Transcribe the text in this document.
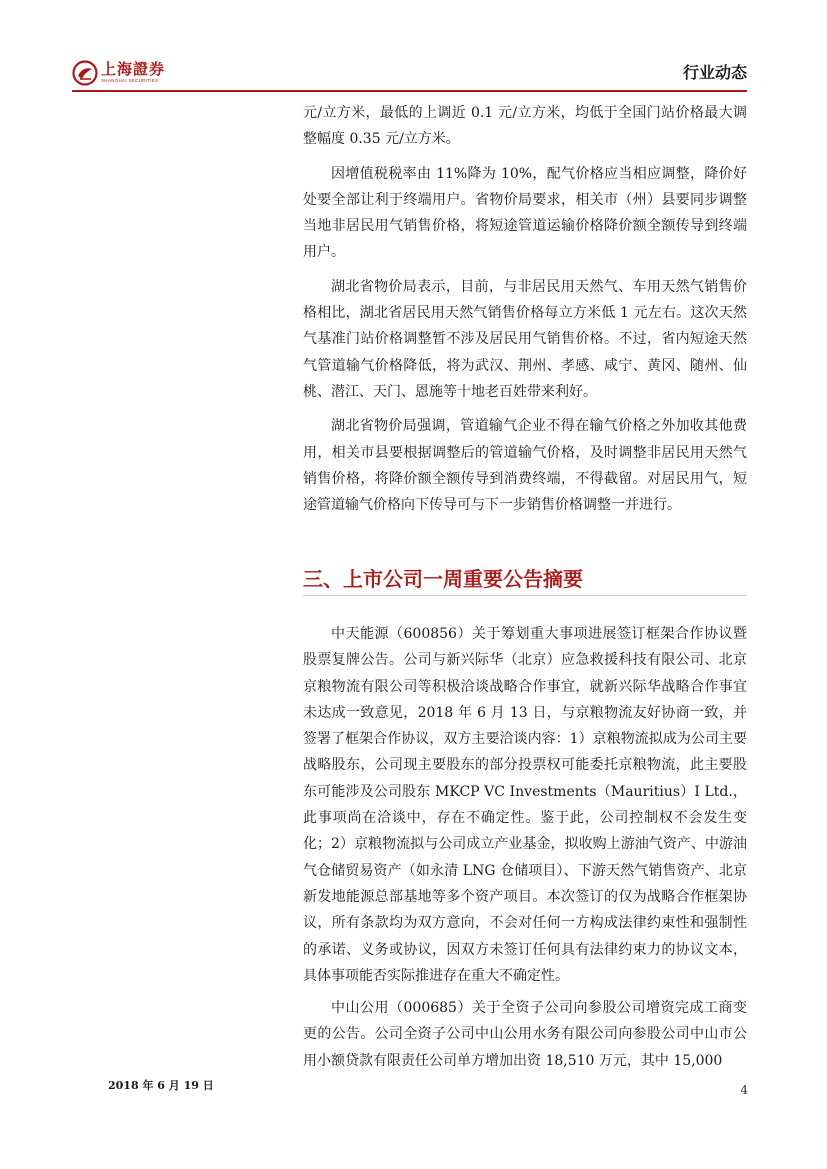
上海證券
SHANGHAI SECURITIES	行业动态

元/立方米，最低的上调近 0.1 元/立方米，均低于全国门站价格最大调整幅度 0.35 元/立方米。

因增值税税率由 11%降为 10%，配气价格应当相应调整，降价好处要全部让利于终端用户。省物价局要求，相关市（州）县要同步调整当地非居民用气销售价格，将短途管道运输价格降价额全额传导到终端用户。

湖北省物价局表示，目前，与非居民用天然气、车用天然气销售价格相比，湖北省居民用天然气销售价格每立方米低 1 元左右。这次天然气基准门站价格调整暂不涉及居民用气销售价格。不过，省内短途天然气管道输气价格降低，将为武汉、荆州、孝感、咸宁、黄冈、随州、仙桃、潜江、天门、恩施等十地老百姓带来利好。

湖北省物价局强调，管道输气企业不得在输气价格之外加收其他费用，相关市县要根据调整后的管道输气价格，及时调整非居民用天然气销售价格，将降价额全额传导到消费终端，不得截留。对居民用气，短途管道输气价格向下传导可与下一步销售价格调整一并进行。

三、上市公司一周重要公告摘要

中天能源（600856）关于筹划重大事项进展签订框架合作协议暨股票复牌公告。公司与新兴际华（北京）应急救援科技有限公司、北京京粮物流有限公司等积极洽谈战略合作事宜，就新兴际华战略合作事宜未达成一致意见，2018 年 6 月 13 日，与京粮物流友好协商一致，并签署了框架合作协议，双方主要洽谈内容：1）京粮物流拟成为公司主要战略股东，公司现主要股东的部分投票权可能委托京粮物流，此主要股东可能涉及公司股东 MKCP VC Investments（Mauritius）I Ltd.，此事项尚在洽谈中，存在不确定性。鉴于此，公司控制权不会发生变化；2）京粮物流拟与公司成立产业基金，拟收购上游油气资产、中游油气仓储贸易资产（如永清 LNG 仓储项目）、下游天然气销售资产、北京新发地能源总部基地等多个资产项目。本次签订的仅为战略合作框架协议，所有条款均为双方意向，不会对任何一方构成法律约束性和强制性的承诺、义务或协议，因双方未签订任何具有法律约束力的协议文本，具体事项能否实际推进存在重大不确定性。

中山公用（000685）关于全资子公司向参股公司增资完成工商变更的公告。公司全资子公司中山公用水务有限公司向参股公司中山市公用小额贷款有限责任公司单方增加出资 18,510 万元，其中 15,000

2018 年 6 月 19 日	4
